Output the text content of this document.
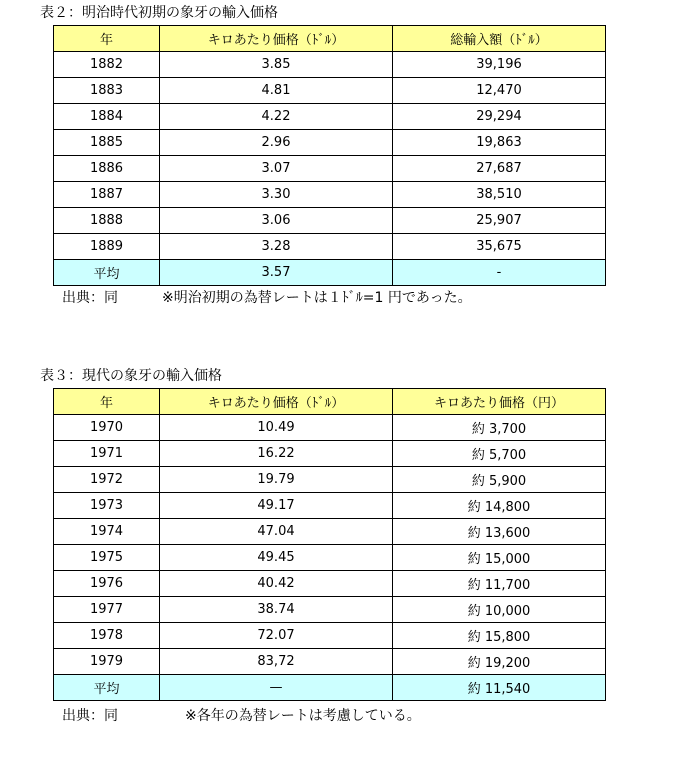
表２：明治時代初期の象牙の輸入価格
年	キロあたり価格（ﾄﾞﾙ）	総輸入額（ﾄﾞﾙ）
1882	3.85	39,196
1883	4.81	12,470
1884	4.22	29,294
1885	2.96	19,863
1886	3.07	27,687
1887	3.30	38,510
1888	3.06	25,907
1889	3.28	35,675
平均	3.57	-
出典：同	※明治初期の為替レートは１ﾄﾞﾙ=1 円であった。
表３：現代の象牙の輸入価格
年	キロあたり価格（ﾄﾞﾙ）	キロあたり価格（円）
1970	10.49	約 3,700
1971	16.22	約 5,700
1972	19.79	約 5,900
1973	49.17	約 14,800
1974	47.04	約 13,600
1975	49.45	約 15,000
1976	40.42	約 11,700
1977	38.74	約 10,000
1978	72.07	約 15,800
1979	83,72	約 19,200
平均	—	約 11,540
出典：同	※各年の為替レートは考慮している。
